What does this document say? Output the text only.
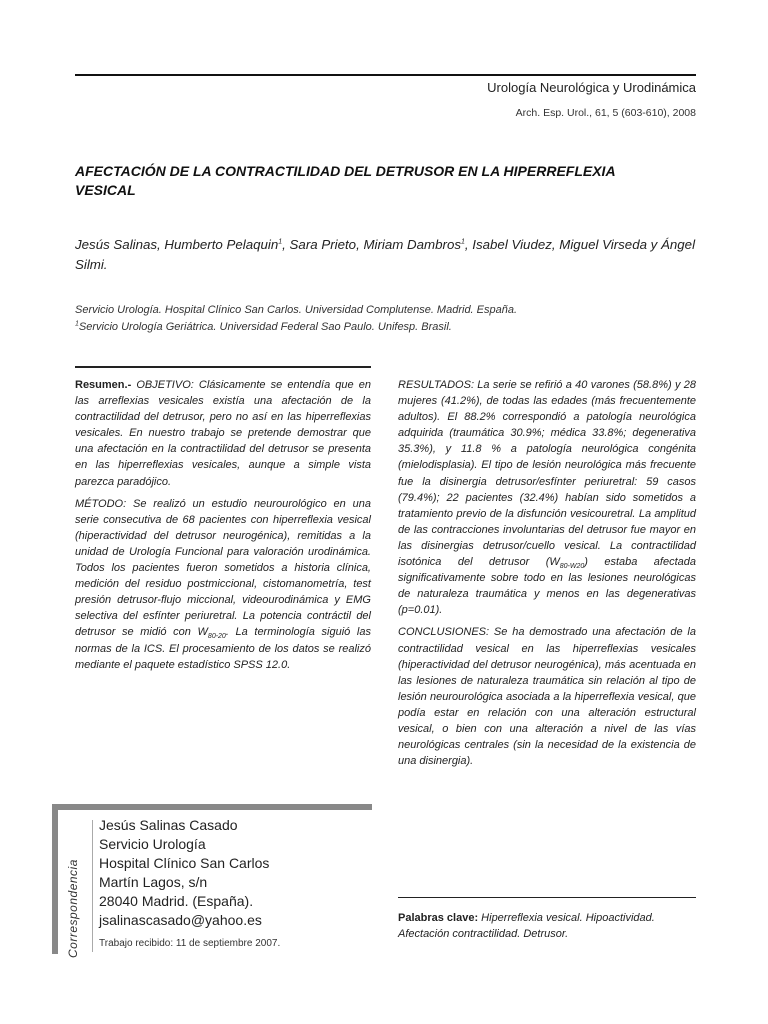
Urología Neurológica y Urodinámica
Arch. Esp. Urol., 61, 5 (603-610), 2008
AFECTACIÓN DE LA CONTRACTILIDAD DEL DETRUSOR EN LA HIPERREFLEXIA VESICAL
Jesús Salinas, Humberto Pelaquin$^1$, Sara Prieto, Miriam Dambros$^1$, Isabel Viudez, Miguel Virseda y Ángel Silmi.
Servicio Urología. Hospital Clínico San Carlos. Universidad Complutense. Madrid. España.
$^1$Servicio Urología Geriátrica. Universidad Federal Sao Paulo. Unifesp. Brasil.

Resumen.- OBJETIVO: Clásicamente se entendía que en las arreflexias vesicales existía una afectación de la contractilidad del detrusor, pero no así en las hiperreflexias vesicales. En nuestro trabajo se pretende demostrar que una afectación en la contractilidad del detrusor se presenta en las hiperreflexias vesicales, aunque a simple vista parezca paradójico.

MÉTODO: Se realizó un estudio neurourológico en una serie consecutiva de 68 pacientes con hiperreflexia vesical (hiperactividad del detrusor neurogénica), remitidas a la unidad de Urología Funcional para valoración urodinámica. Todos los pacientes fueron sometidos a historia clínica, medición del residuo postmiccional, cistomanometría, test presión detrusor-flujo miccional, videourodinámica y EMG selectiva del esfínter periuretral. La potencia contráctil del detrusor se midió con $W_{80-20}$. La terminología siguió las normas de la ICS. El procesamiento de los datos se realizó mediante el paquete estadístico SPSS 12.0.

RESULTADOS: La serie se refirió a 40 varones (58.8%) y 28 mujeres (41.2%), de todas las edades (más frecuentemente adultos). El 88.2% correspondió a patología neurológica adquirida (traumática 30.9%; médica 33.8%; degenerativa 35.3%), y 11.8 % a patología neurológica congénita (mielodisplasia). El tipo de lesión neurológica más frecuente fue la disinergia detrusor/esfínter periuretral: 59 casos (79.4%); 22 pacientes (32.4%) habían sido sometidos a tratamiento previo de la disfunción vesicouretral. La amplitud de las contracciones involuntarias del detrusor fue mayor en las disinergias detrusor/cuello vesical. La contractilidad isotónica del detrusor $(W_{80-W20})$ estaba afectada significativamente sobre todo en las lesiones neurológicas de naturaleza traumática y menos en las degenerativas (p=0.01).

CONCLUSIONES: Se ha demostrado una afectación de la contractilidad vesical en las hiperreflexias vesicales (hiperactividad del detrusor neurogénica), más acentuada en las lesiones de naturaleza traumática sin relación al tipo de lesión neurourológica asociada a la hiperreflexia vesical, que podía estar en relación con una alteración estructural vesical, o bien con una alteración a nivel de las vías neurológicas centrales (sin la necesidad de la existencia de una disinergia).

Palabras clave: Hiperreflexia vesical. Hipoactividad. Afectación contractilidad. Detrusor.
Correspondencia
Jesús Salinas Casado
Servicio Urología
Hospital Clínico San Carlos
Martín Lagos, s/n
28040 Madrid. (España).
jsalinascasado@yahoo.es
Trabajo recibido: 11 de septiembre 2007.
